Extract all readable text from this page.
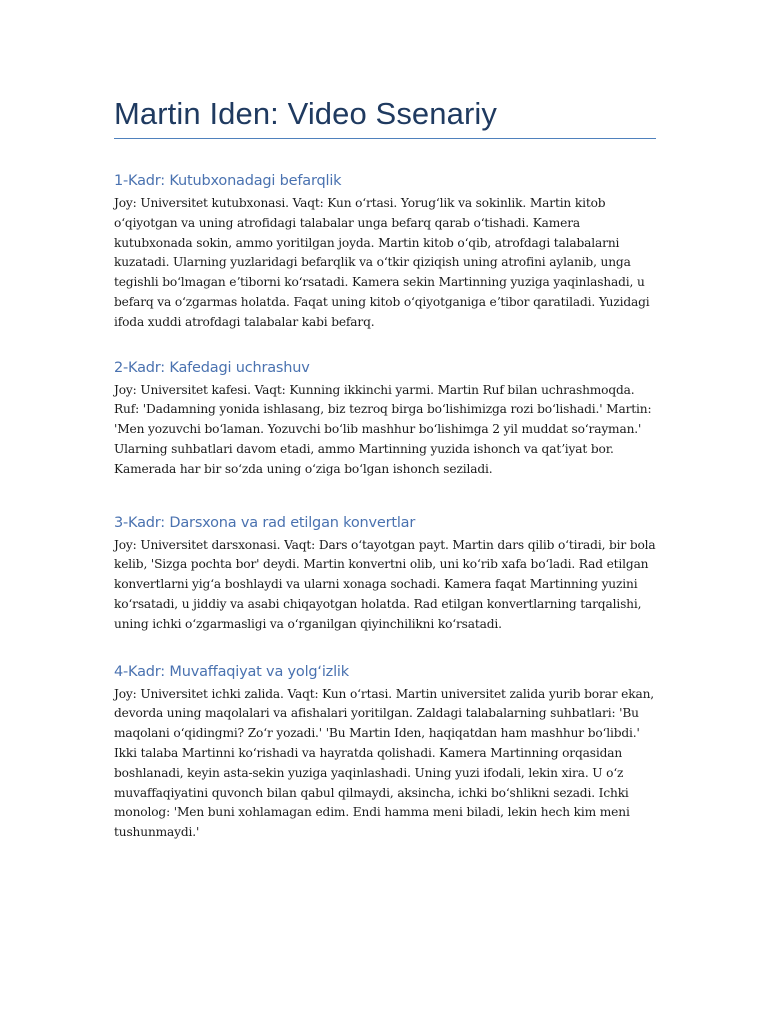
Martin Iden: Video Ssenariy
1-Kadr: Kutubxonadagi befarqlik

Joy: Universitet kutubxonasi. Vaqt: Kun oʻrtasi. Yorugʻlik va sokinlik. Martin kitob oʻqiyotgan va uning atrofidagi talabalar unga befarq qarab oʻtishadi. Kamera kutubxonada sokin, ammo yoritilgan joyda. Martin kitob oʻqib, atrofdagi talabalarni kuzatadi. Ularning yuzlaridagi befarqlik va oʻtkir qiziqish uning atrofini aylanib, unga tegishli boʻlmagan eʼtiborni koʻrsatadi. Kamera sekin Martinning yuziga yaqinlashadi, u befarq va oʻzgarmas holatda. Faqat uning kitob oʻqiyotganiga eʼtibor qaratiladi. Yuzidagi ifoda xuddi atrofdagi talabalar kabi befarq.

2-Kadr: Kafedagi uchrashuv

Joy: Universitet kafesi. Vaqt: Kunning ikkinchi yarmi. Martin Ruf bilan uchrashmoqda. Ruf: 'Dadamning yonida ishlasang, biz tezroq birga boʻlishimizga rozi boʻlishadi.' Martin: 'Men yozuvchi boʻlaman. Yozuvchi boʻlib mashhur boʻlishimga 2 yil muddat soʻrayman.' Ularning suhbatlari davom etadi, ammo Martinning yuzida ishonch va qatʼiyat bor. Kamerada har bir soʻzda uning oʻziga boʻlgan ishonch seziladi.

3-Kadr: Darsxona va rad etilgan konvertlar

Joy: Universitet darsxonasi. Vaqt: Dars oʻtayotgan payt. Martin dars qilib oʻtiradi, bir bola kelib, 'Sizga pochta bor' deydi. Martin konvertni olib, uni koʻrib xafa boʻladi. Rad etilgan konvertlarni yigʻa boshlaydi va ularni xonaga sochadi. Kamera faqat Martinning yuzini koʻrsatadi, u jiddiy va asabi chiqayotgan holatda. Rad etilgan konvertlarning tarqalishi, uning ichki oʻzgarmasligi va oʻrganilgan qiyinchilikni koʻrsatadi.

4-Kadr: Muvaffaqiyat va yolgʻizlik

Joy: Universitet ichki zalida. Vaqt: Kun oʻrtasi. Martin universitet zalida yurib borar ekan, devorda uning maqolalari va afishalari yoritilgan. Zaldagi talabalarning suhbatlari: 'Bu maqolani oʻqidingmi? Zoʻr yozadi.' 'Bu Martin Iden, haqiqatdan ham mashhur boʻlibdi.' Ikki talaba Martinni koʻrishadi va hayratda qolishadi. Kamera Martinning orqasidan boshlanadi, keyin asta-sekin yuziga yaqinlashadi. Uning yuzi ifodali, lekin xira. U oʻz muvaffaqiyatini quvonch bilan qabul qilmaydi, aksincha, ichki boʻshlikni sezadi. Ichki monolog: 'Men buni xohlamagan edim. Endi hamma meni biladi, lekin hech kim meni tushunmaydi.'
